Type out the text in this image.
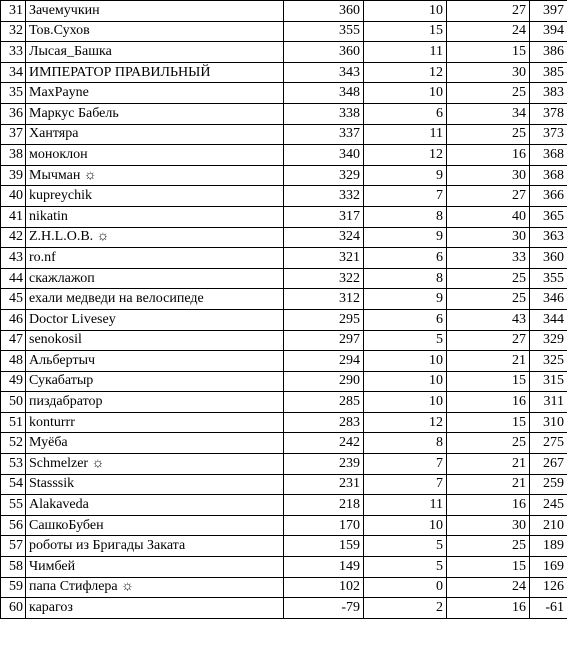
31	Зачемучкин	360	10	27	397
32	Тов.Сухов	355	15	24	394
33	Лысая_Башка	360	11	15	386
34	ИМПЕРАТОР ПРАВИЛЬНЫЙ	343	12	30	385
35	MaxPayne	348	10	25	383
36	Маркус Бабель	338	6	34	378
37	Хантяра	337	11	25	373
38	моноклон	340	12	16	368
39	Мычман ☼	329	9	30	368
40	kupreychik	332	7	27	366
41	nikatin	317	8	40	365
42	Z.H.L.O.B. ☼	324	9	30	363
43	ro.nf	321	6	33	360
44	скажлажоп	322	8	25	355
45	ехали медведи на велосипеде	312	9	25	346
46	Doctor Livesey	295	6	43	344
47	senokosil	297	5	27	329
48	Альбертыч	294	10	21	325
49	Сукабатыр	290	10	15	315
50	пиздабратор	285	10	16	311
51	konturrr	283	12	15	310
52	Муёба	242	8	25	275
53	Schmelzer ☼	239	7	21	267
54	Stasssik	231	7	21	259
55	Alakaveda	218	11	16	245
56	СашкоБубен	170	10	30	210
57	роботы из Бригады Заката	159	5	25	189
58	Чимбей	149	5	15	169
59	папа Стифлера ☼	102	0	24	126
60	карагоз	-79	2	16	-61
